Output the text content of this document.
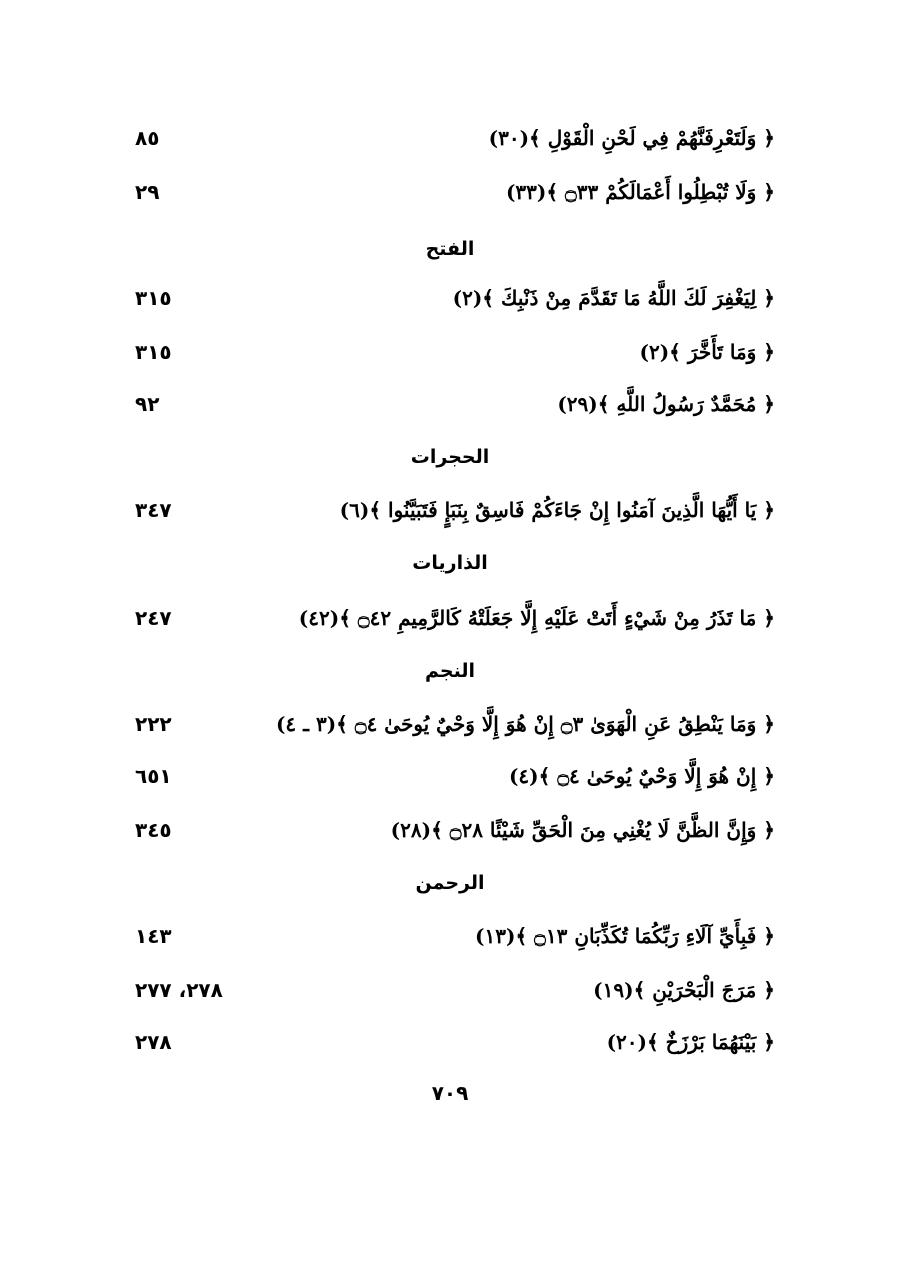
الفتح
الحجرات
الذاريات
النجم
الرحمن
﴿ وَلَتَعْرِفَنَّهُمْ فِي لَحْنِ الْقَوْلِ ﴾(٣٠)
٨٥
﴿ وَلَا تُبْطِلُوا أَعْمَالَكُمْ ۝٣٣ ﴾(٣٣)
٢٩
﴿ لِيَغْفِرَ لَكَ اللَّهُ مَا تَقَدَّمَ مِنْ ذَنْبِكَ ﴾(٢)
٣١٥
﴿ وَمَا تَأَخَّرَ ﴾(٢)
٣١٥
﴿ مُحَمَّدٌ رَسُولُ اللَّهِ ﴾(٢٩)
٩٢
﴿ يَا أَيُّهَا الَّذِينَ آمَنُوا إِنْ جَاءَكُمْ فَاسِقٌ بِنَبَإٍ فَتَبَيَّنُوا ﴾(٦)
٣٤٧
﴿ مَا تَذَرُ مِنْ شَيْءٍ أَتَتْ عَلَيْهِ إِلَّا جَعَلَتْهُ كَالرَّمِيمِ ۝٤٢ ﴾(٤٢)
٢٤٧
﴿ وَمَا يَنْطِقُ عَنِ الْهَوَىٰ ۝٣ إِنْ هُوَ إِلَّا وَحْيٌ يُوحَىٰ ۝٤ ﴾(٣ ـ ٤)
٢٢٢
﴿ إِنْ هُوَ إِلَّا وَحْيٌ يُوحَىٰ ۝٤ ﴾(٤)
٦٥١
﴿ وَإِنَّ الظَّنَّ لَا يُغْنِي مِنَ الْحَقِّ شَيْئًا ۝٢٨ ﴾(٢٨)
٣٤٥
﴿ فَبِأَيِّ آلَاءِ رَبِّكُمَا تُكَذِّبَانِ ۝١٣ ﴾(١٣)
١٤٣
﴿ مَرَجَ الْبَحْرَيْنِ ﴾(١٩)
٢٧٨، ٢٧٧
﴿ بَيْنَهُمَا بَرْزَخٌ ﴾(٢٠)
٢٧٨
٧٠٩
